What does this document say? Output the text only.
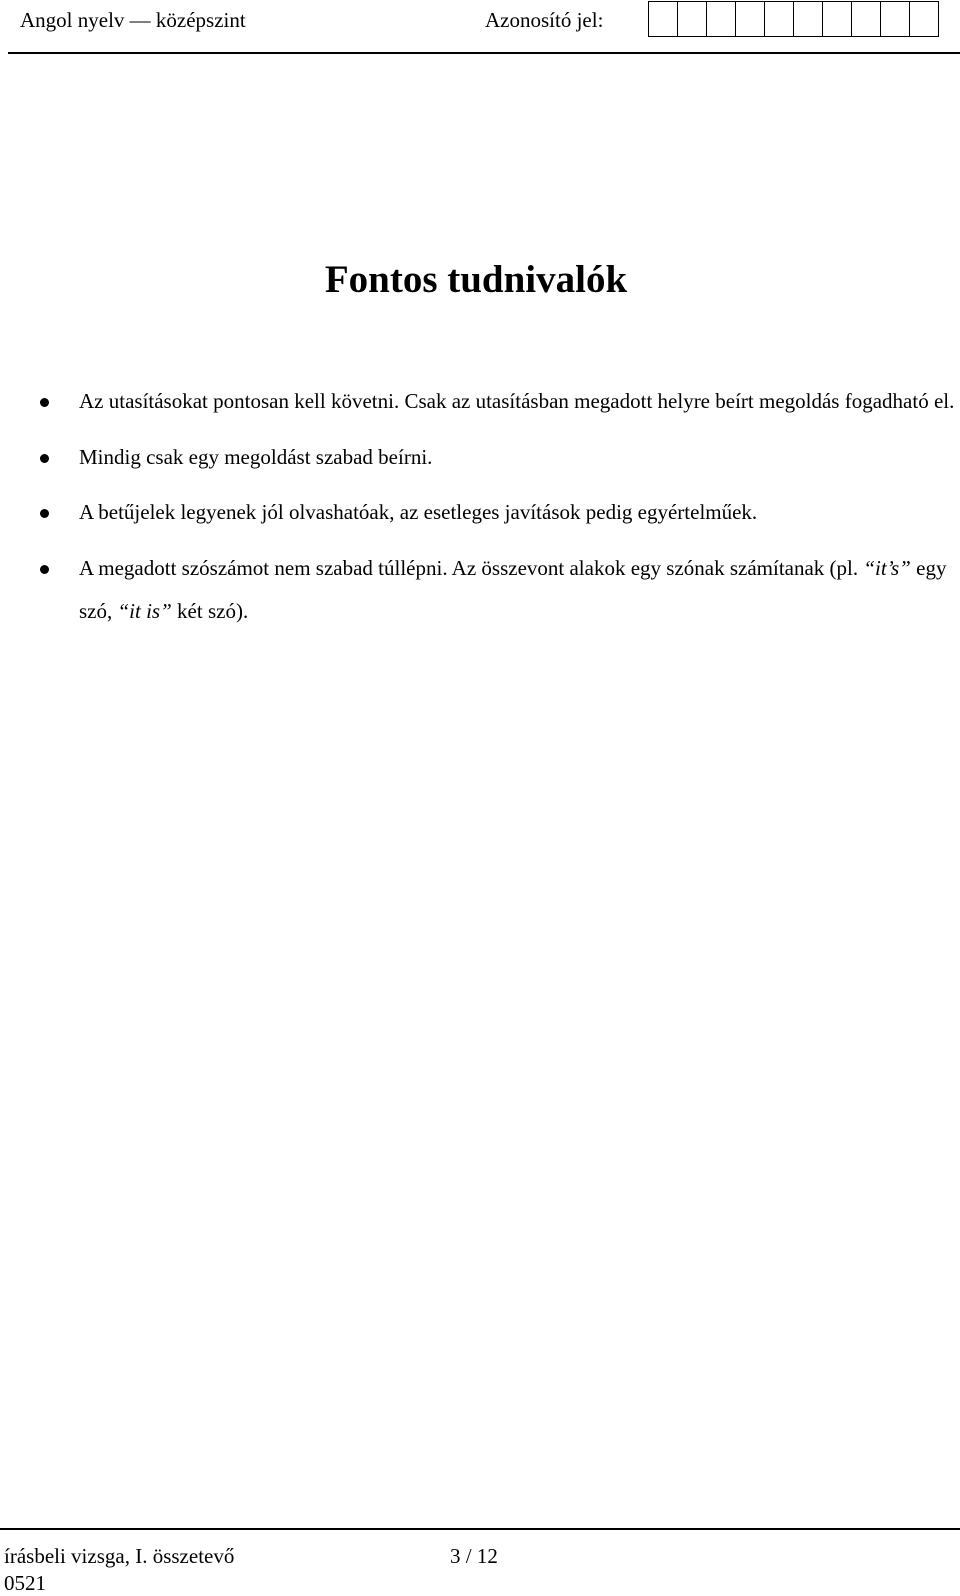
Angol nyelv — középszint	Azonosító jel:
Fontos tudnivalók
Az utasításokat pontosan kell követni. Csak az utasításban megadott helyre beírt megoldás fogadható el.
Mindig csak egy megoldást szabad beírni.
A betűjelek legyenek jól olvashatóak, az esetleges javítások pedig egyértelműek.
A megadott szószámot nem szabad túllépni. Az összevont alakok egy szónak számítanak (pl. “it’s” egy szó, “it is” két szó).
írásbeli vizsga, I. összetevő	3 / 12
0521
